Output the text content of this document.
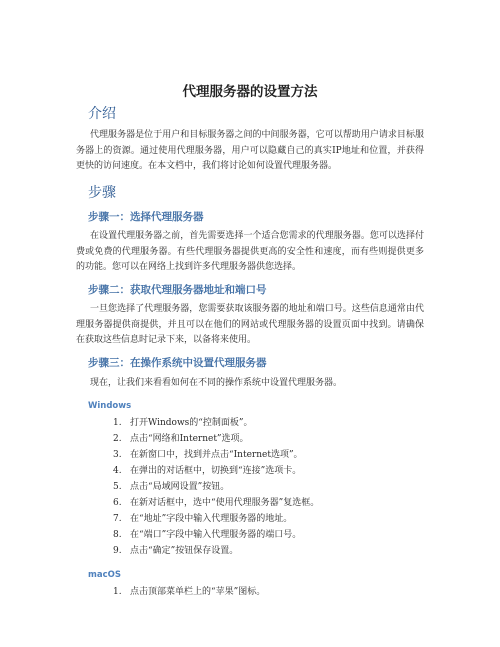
代理服务器的设置方法
介绍

代理服务器是位于用户和目标服务器之间的中间服务器，它可以帮助用户请求目标服务器上的资源。通过使用代理服务器，用户可以隐藏自己的真实IP地址和位置，并获得更快的访问速度。在本文档中，我们将讨论如何设置代理服务器。

步骤
步骤一：选择代理服务器

在设置代理服务器之前，首先需要选择一个适合您需求的代理服务器。您可以选择付费或免费的代理服务器。有些代理服务器提供更高的安全性和速度，而有些则提供更多的功能。您可以在网络上找到许多代理服务器供您选择。

步骤二：获取代理服务器地址和端口号

一旦您选择了代理服务器，您需要获取该服务器的地址和端口号。这些信息通常由代理服务器提供商提供，并且可以在他们的网站或代理服务器的设置页面中找到。请确保在获取这些信息时记录下来，以备将来使用。

步骤三：在操作系统中设置代理服务器
现在，让我们来看看如何在不同的操作系统中设置代理服务器。
Windows
1. 打开Windows的“控制面板”。
2. 点击“网络和Internet”选项。
3. 在新窗口中，找到并点击“Internet选项”。
4. 在弹出的对话框中，切换到“连接”选项卡。
5. 点击“局域网设置”按钮。
6. 在新对话框中，选中“使用代理服务器”复选框。
7. 在“地址”字段中输入代理服务器的地址。
8. 在“端口”字段中输入代理服务器的端口号。
9. 点击“确定”按钮保存设置。
macOS
1. 点击顶部菜单栏上的“苹果”图标。
